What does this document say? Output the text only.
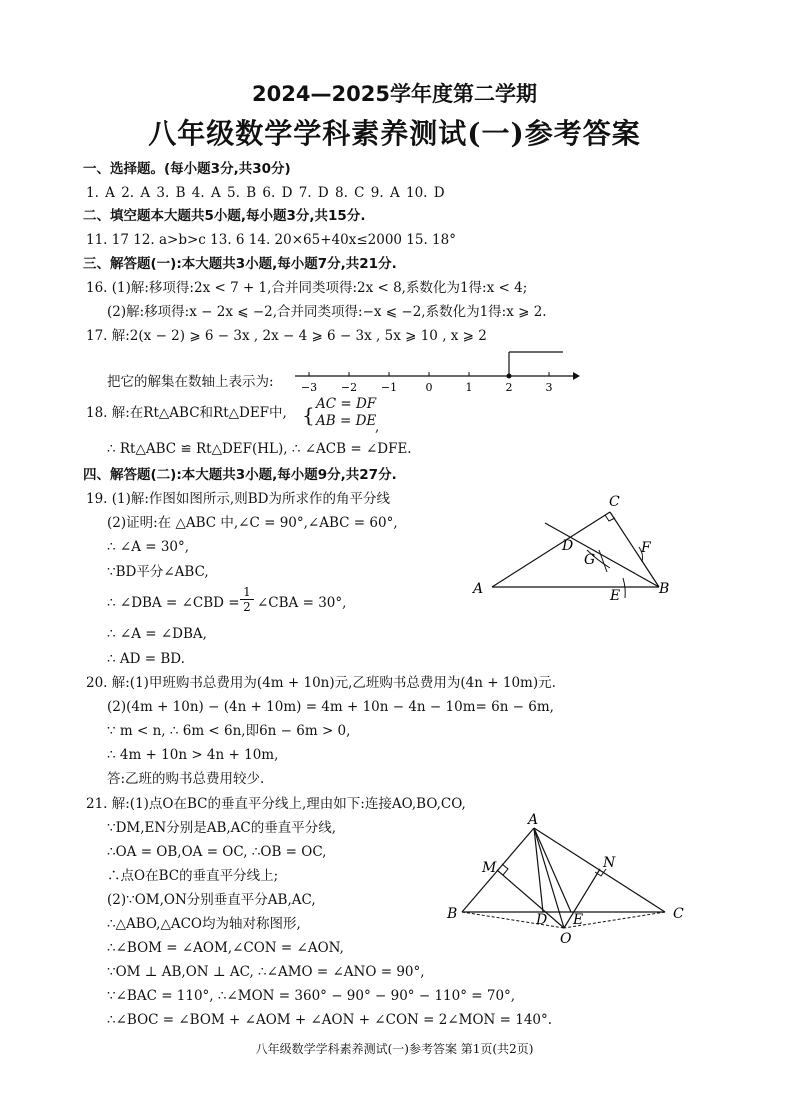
2024—2025学年度第二学期
八年级数学学科素养测试(一)参考答案
一、选择题。(每小题3分,共30分)
1. A 2. A 3. B 4. A 5. B 6. D 7. D 8. C 9. A 10. D
二、填空题本大题共5小题,每小题3分,共15分.
11. 17 12. a>b>c 13. 6 14. 20×65+40x≤2000 15. 18°
三、解答题(一):本大题共3小题,每小题7分,共21分.
16. (1)解:移项得:2x < 7 + 1,合并同类项得:2x < 8,系数化为1得:x < 4;
(2)解:移项得:x − 2x ⩽ −2,合并同类项得:−x ⩽ −2,系数化为1得:x ⩾ 2.
17. 解:2(x − 2) ⩾ 6 − 3x , 2x − 4 ⩾ 6 − 3x , 5x ⩾ 10 , x ⩾ 2
把它的解集在数轴上表示为: −3 −2 −1	0	1	2	3
18. 解:在Rt△ABC和Rt△DEF中, { AC = DF
AB = DE
,
∴ Rt△ABC ≌ Rt△DEF(HL), ∴ ∠ACB = ∠DFE.
四、解答题(二):本大题共3小题,每小题9分,共27分.
19. (1)解:作图如图所示,则BD为所求作的角平分线
(2)证明:在 △ABC 中,∠C = 90°,∠ABC = 60°,
∴ ∠A = 30°,
∵BD平分∠ABC,
∴ ∠DBA = ∠CBD = $\frac{1}{2}$ ∠CBA = 30°,
∴ ∠A = ∠DBA,
∴ AD = BD.
C
D	F
G
A	E	B
20. 解:(1)甲班购书总费用为(4m + 10n)元,乙班购书总费用为(4n + 10m)元.
(2)(4m + 10n) − (4n + 10m) = 4m + 10n − 4n − 10m= 6n − 6m,
∵ m < n, ∴ 6m < 6n,即6n − 6m > 0,
∴ 4m + 10n > 4n + 10m,
答:乙班的购书总费用较少.
21. 解:(1)点O在BC的垂直平分线上,理由如下:连接AO,BO,CO,
∵DM,EN分别是AB,AC的垂直平分线,
∴OA = OB,OA = OC, ∴OB = OC,
∴点O在BC的垂直平分线上;
(2)∵OM,ON分别垂直平分AB,AC,
∴△ABO,△ACO均为轴对称图形,
∴∠BOM = ∠AOM,∠CON = ∠AON,
∵OM ⊥ AB,ON ⊥ AC, ∴∠AMO = ∠ANO = 90°,
∵∠BAC = 110°, ∴∠MON = 360° − 90° − 90° − 110° = 70°,
∴∠BOC = ∠BOM + ∠AOM + ∠AON + ∠CON = 2∠MON = 140°.
A
M	N
B	D E
O
C
八年级数学学科素养测试(一)参考答案 第1页(共2页)
